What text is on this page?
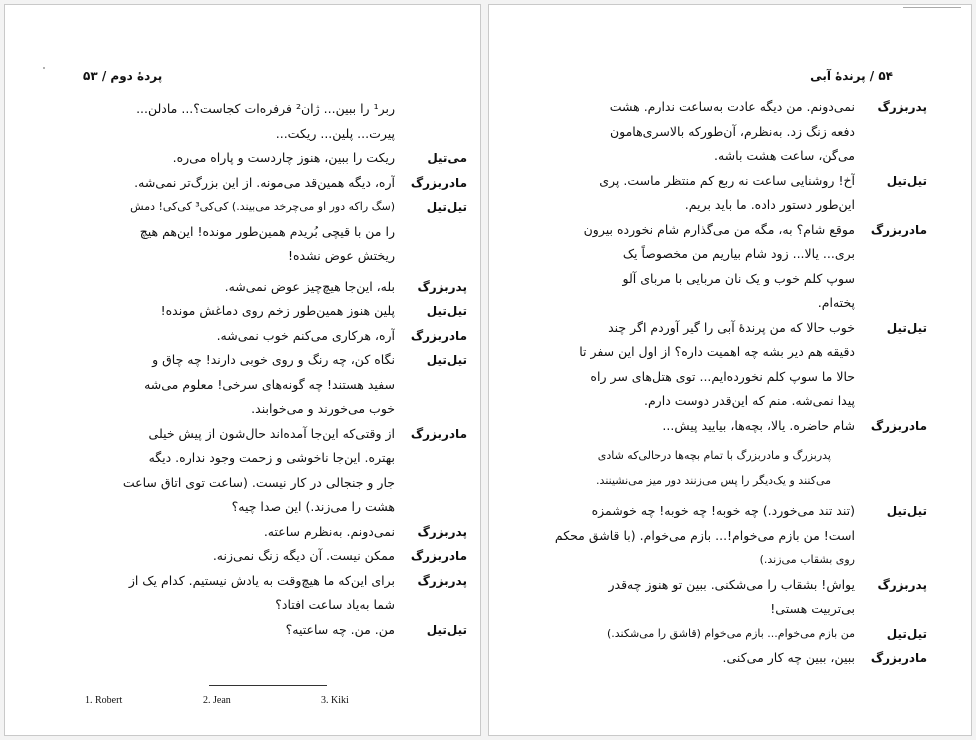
پردهٔ دوم / ۵۳
ربر¹ را ببین... ژان² فرفره‌ات کجاست؟... مادلن...
پیرت... پلین... ریکت...
ریکت را ببین، هنوز چاردست و پاراه می‌ره.	می‌تیل
آره، دیگه همین‌قد می‌مونه. از این بزرگ‌تر نمی‌شه.	مادربزرگ
(سگ راکه دور او می‌چرخد می‌بیند.) کی‌کی³ کی‌کی! دمش	تیل‌تیل
را من با قیچی بُریدم همین‌طور مونده! این‌هم هیچ
ریختش عوض نشده!
بله، این‌جا هیچ‌چیز عوض نمی‌شه.	پدربزرگ
پلین هنوز همین‌طور زخم روی دماغش مونده!	تیل‌تیل
آره، هرکاری می‌کنم خوب نمی‌شه.	مادربزرگ
نگاه کن، چه رنگ و روی خوبی دارند! چه چاق و	تیل‌تیل
سفید هستند! چه گونه‌های سرخی! معلوم می‌شه
خوب می‌خورند و می‌خوابند.
از وقتی‌که این‌جا آمده‌اند حال‌شون از پیش خیلی	مادربزرگ
بهتره. این‌جا ناخوشی و زحمت وجود نداره. دیگه
جار و جنجالی در کار نیست. (ساعت توی اتاق ساعت
هشت را می‌زند.) این صدا چیه؟
نمی‌دونم. به‌نظرم ساعته.	پدربزرگ
ممکن نیست. آن دیگه زنگ نمی‌زنه.	مادربزرگ
برای این‌که ما هیچ‌وقت به یادش نیستیم. کدام یک از	پدربزرگ
شما به‌یاد ساعت افتاد؟
من. من. چه ساعتیه؟	تیل‌تیل
1. Robert	2. Jean	3. Kiki
۵۴ / پرندهٔ آبی
نمی‌دونم. من دیگه عادت به‌ساعت ندارم. هشت	پدربزرگ
دفعه زنگ زد. به‌نظرم، آن‌طورکه بالاسری‌هامون
می‌گن، ساعت هشت باشه.
آخ! روشنایی ساعت نه ربع کم منتظر ماست. پری	تیل‌تیل
این‌طور دستور داده. ما باید بریم.
موقع شام؟ به، مگه من می‌گذارم شام نخورده بیرون	مادربزرگ
بری... یالا... زود شام بیاریم من مخصوصاً یک
سوپ کلم خوب و یک نان مربایی با مربای آلو
پخته‌ام.
خوب حالا که من پرندهٔ آبی را گیر آوردم اگر چند	تیل‌تیل
دقیقه هم دیر بشه چه اهمیت داره؟ از اول این سفر تا
حالا ما سوپ کلم نخورده‌ایم... توی هتل‌های سر راه
پیدا نمی‌شه. منم که این‌قدر دوست دارم.
شام حاضره. یالا، بچه‌ها، بیایید پیش...	مادربزرگ
پدربزرگ و مادربزرگ با تمام بچه‌ها درحالی‌که شادی
می‌کنند و یک‌دیگر را پس می‌زنند دور میز می‌نشینند.
(تند تند می‌خورد.) چه خوبه! چه خوبه! چه خوشمزه	تیل‌تیل
است! من بازم می‌خوام!... بازم می‌خوام. (با قاشق محکم
روی بشقاب می‌زند.)
یواش! بشقاب را می‌شکنی. ببین تو هنوز چه‌قدر	پدربزرگ
بی‌تربیت هستی!
من بازم می‌خوام... بازم می‌خوام (قاشق را می‌شکند.)	تیل‌تیل
ببین، ببین چه کار می‌کنی.	مادربزرگ
